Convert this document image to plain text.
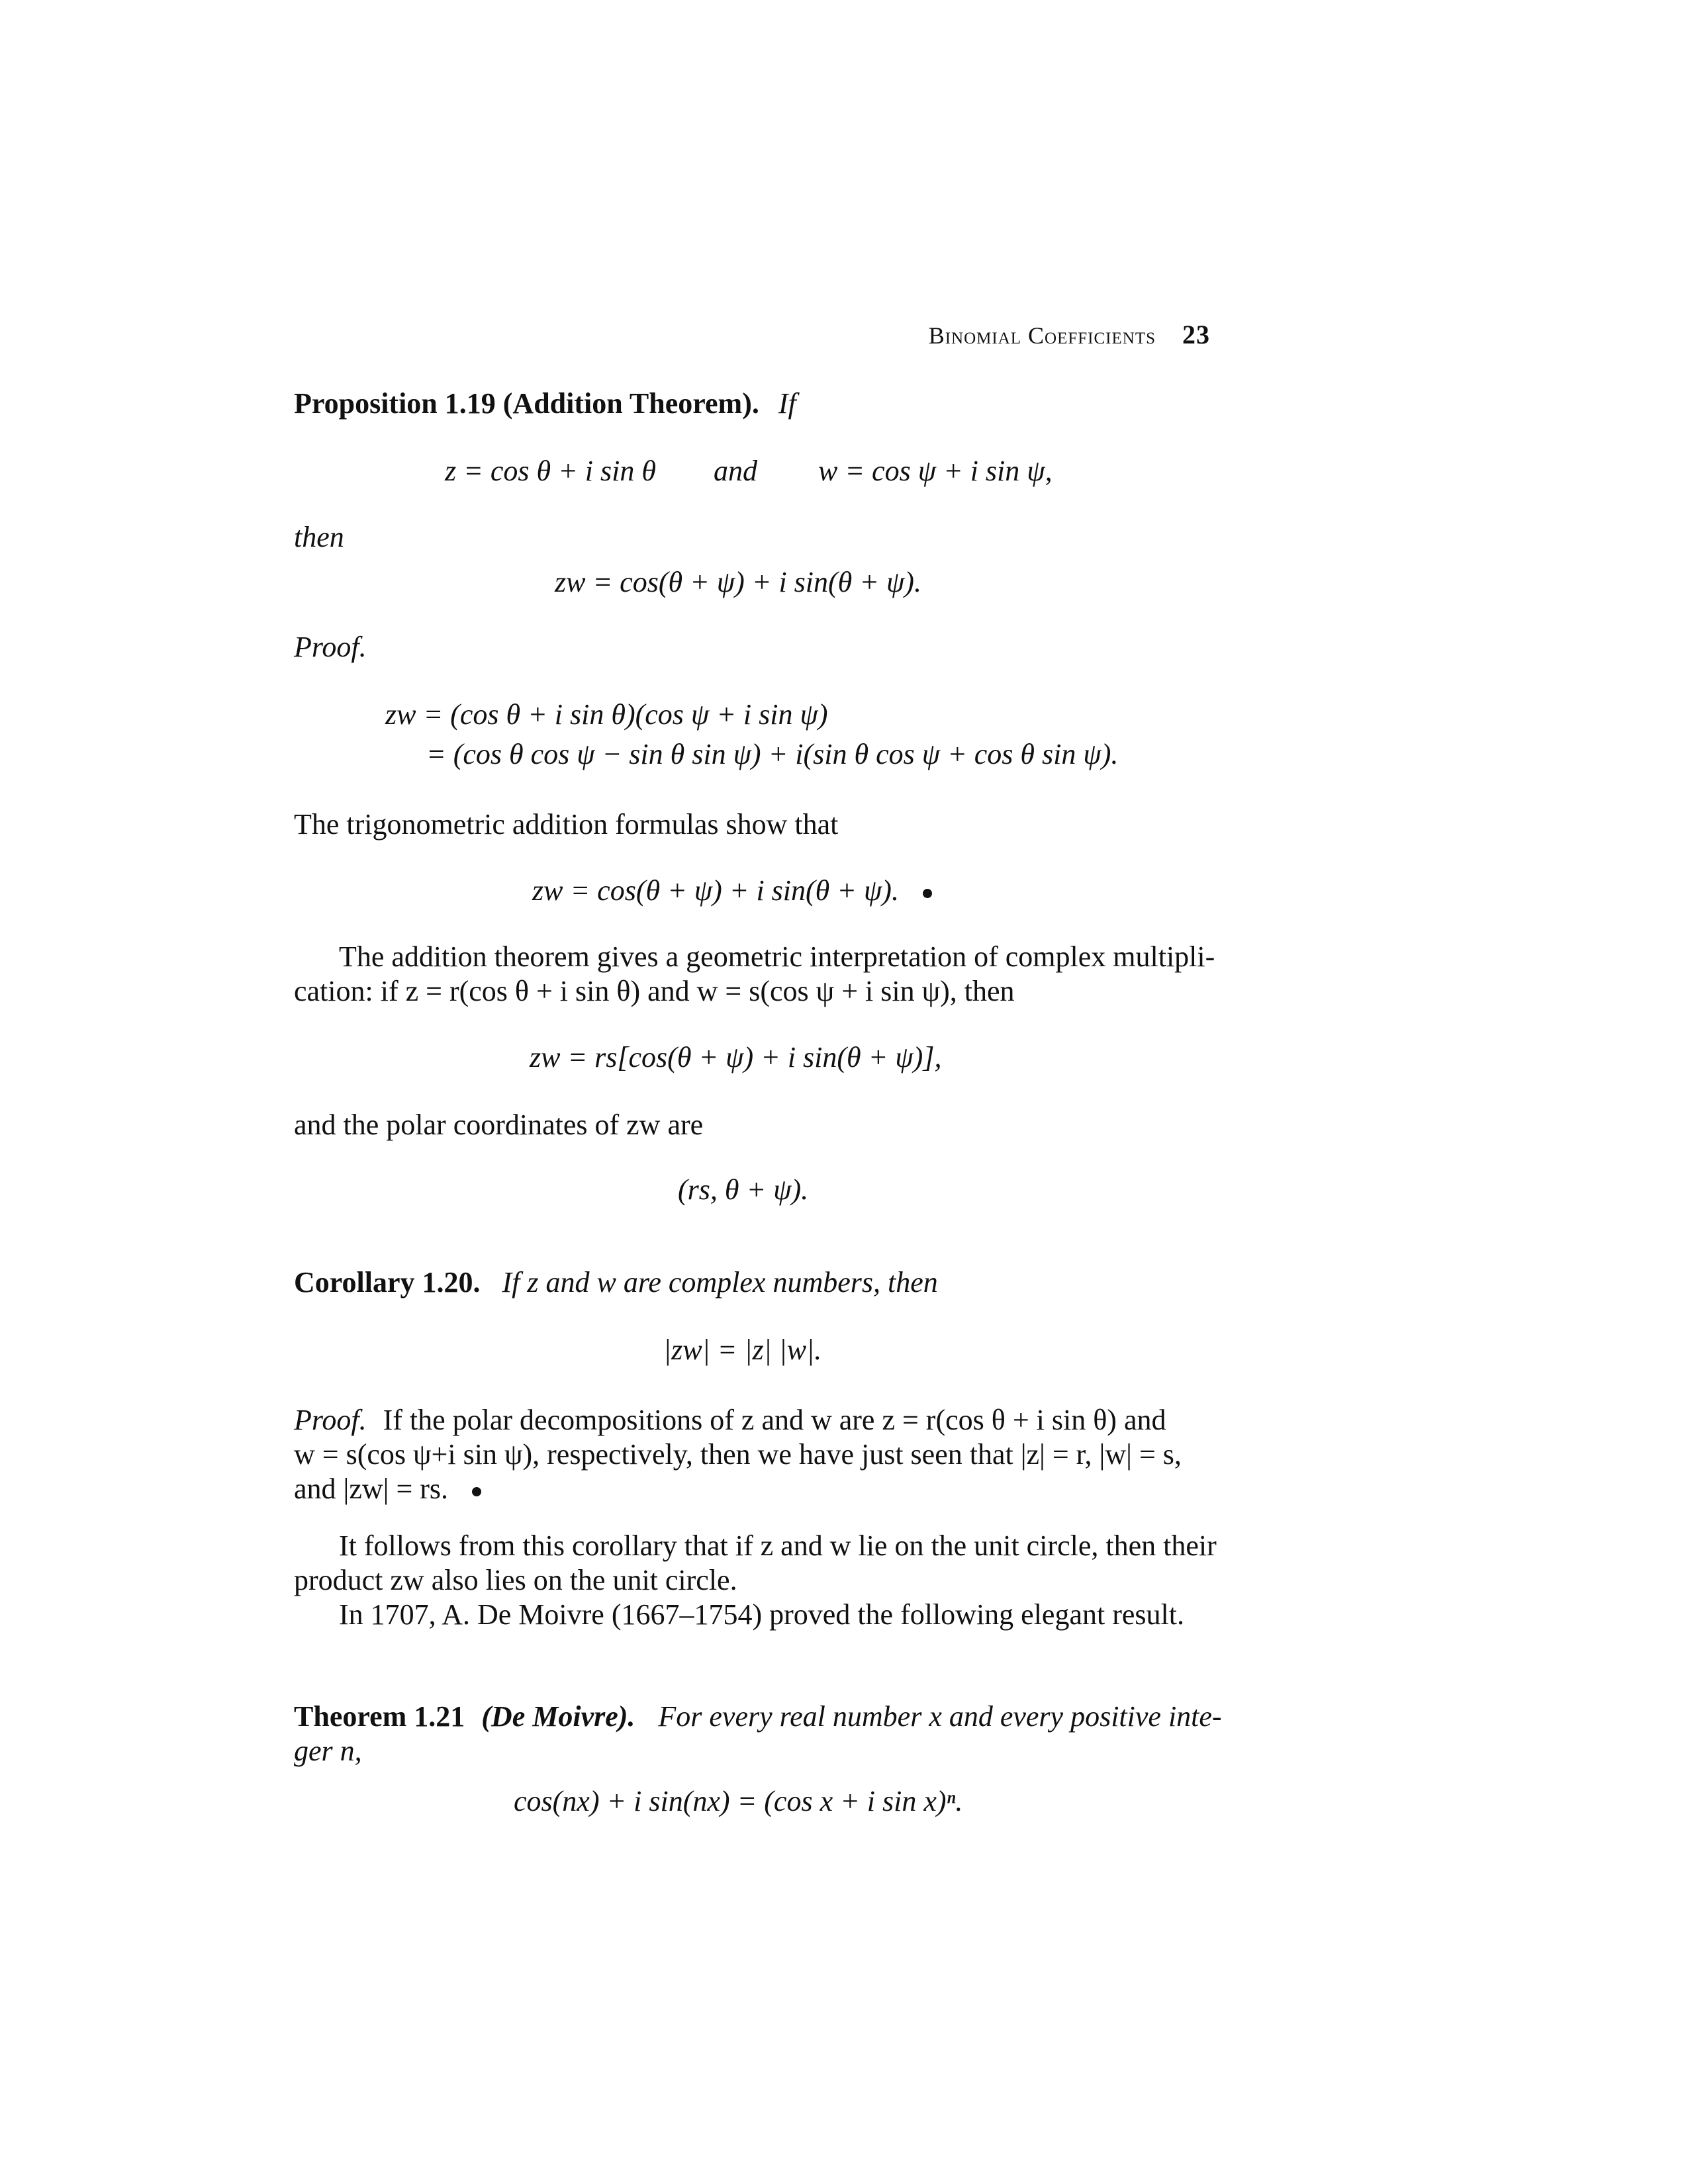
Binomial Coefficients 23
Proposition 1.19 (Addition Theorem). If
z = cos θ + i sin θ and w = cos ψ + i sin ψ,
then
zw = cos(θ + ψ) + i sin(θ + ψ).
Proof.
zw = (cos θ + i sin θ)(cos ψ + i sin ψ)
= (cos θ cos ψ − sin θ sin ψ) + i(sin θ cos ψ + cos θ sin ψ).
The trigonometric addition formulas show that
zw = cos(θ + ψ) + i sin(θ + ψ).
The addition theorem gives a geometric interpretation of complex multipli-
cation: if z = r(cos θ + i sin θ) and w = s(cos ψ + i sin ψ), then
zw = rs[cos(θ + ψ) + i sin(θ + ψ)],
and the polar coordinates of zw are
(rs, θ + ψ).
Corollary 1.20. If z and w are complex numbers, then
|zw| = |z| |w|.
Proof. If the polar decompositions of z and w are z = r(cos θ + i sin θ) and
w = s(cos ψ+i sin ψ), respectively, then we have just seen that |z| = r, |w| = s,
and |zw| = rs.
It follows from this corollary that if z and w lie on the unit circle, then their
product zw also lies on the unit circle.
In 1707, A. De Moivre (1667–1754) proved the following elegant result.
Theorem 1.21 (De Moivre). For every real number x and every positive inte-
ger n,
cos(nx) + i sin(nx) = (cos x + i sin x)ⁿ.
